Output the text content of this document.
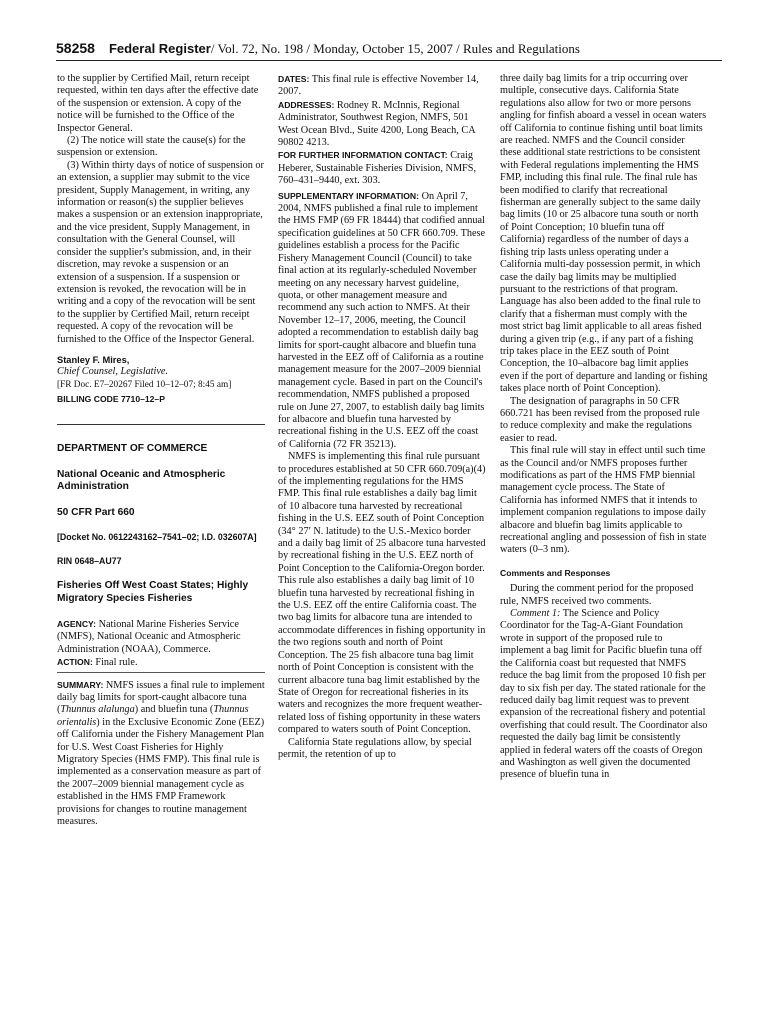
58258 Federal Register / Vol. 72, No. 198 / Monday, October 15, 2007 / Rules and Regulations

to the supplier by Certified Mail, return receipt requested, within ten days after the effective date of the suspension or extension. A copy of the notice will be furnished to the Office of the Inspector General.

(2) The notice will state the cause(s) for the suspension or extension.

(3) Within thirty days of notice of suspension or an extension, a supplier may submit to the vice president, Supply Management, in writing, any information or reason(s) the supplier believes makes a suspension or an extension inappropriate, and the vice president, Supply Management, in consultation with the General Counsel, will consider the supplier's submission, and, in their discretion, may revoke a suspension or an extension of a suspension. If a suspension or extension is revoked, the revocation will be in writing and a copy of the revocation will be sent to the supplier by Certified Mail, return receipt requested. A copy of the revocation will be furnished to the Office of the Inspector General.

Stanley F. Mires,

Chief Counsel, Legislative.

[FR Doc. E7–20267 Filed 10–12–07; 8:45 am]

BILLING CODE 7710–12–P

DEPARTMENT OF COMMERCE

National Oceanic and Atmospheric Administration

50 CFR Part 660

[Docket No. 0612243162–7541–02; I.D. 032607A]

RIN 0648–AU77

Fisheries Off West Coast States; Highly Migratory Species Fisheries

AGENCY: National Marine Fisheries Service (NMFS), National Oceanic and Atmospheric Administration (NOAA), Commerce.

ACTION: Final rule.

SUMMARY: NMFS issues a final rule to implement daily bag limits for sport-caught albacore tuna (Thunnus alalunga) and bluefin tuna (Thunnus orientalis) in the Exclusive Economic Zone (EEZ) off California under the Fishery Management Plan for U.S. West Coast Fisheries for Highly Migratory Species (HMS FMP). This final rule is implemented as a conservation measure as part of the 2007–2009 biennial management cycle as established in the HMS FMP Framework provisions for changes to routine management measures.

DATES: This final rule is effective November 14, 2007.

ADDRESSES: Rodney R. McInnis, Regional Administrator, Southwest Region, NMFS, 501 West Ocean Blvd., Suite 4200, Long Beach, CA 90802 4213.

FOR FURTHER INFORMATION CONTACT: Craig Heberer, Sustainable Fisheries Division, NMFS, 760–431–9440, ext. 303.

SUPPLEMENTARY INFORMATION: On April 7, 2004, NMFS published a final rule to implement the HMS FMP (69 FR 18444) that codified annual specification guidelines at 50 CFR 660.709. These guidelines establish a process for the Pacific Fishery Management Council (Council) to take final action at its regularly-scheduled November meeting on any necessary harvest guideline, quota, or other management measure and recommend any such action to NMFS. At their November 12–17, 2006, meeting, the Council adopted a recommendation to establish daily bag limits for sport-caught albacore and bluefin tuna harvested in the EEZ off of California as a routine management measure for the 2007–2009 biennial management cycle. Based in part on the Council's recommendation, NMFS published a proposed rule on June 27, 2007, to establish daily bag limits for albacore and bluefin tuna harvested by recreational fishing in the U.S. EEZ off the coast of California (72 FR 35213).

NMFS is implementing this final rule pursuant to procedures established at 50 CFR 660.709(a)(4) of the implementing regulations for the HMS FMP. This final rule establishes a daily bag limit of 10 albacore tuna harvested by recreational fishing in the U.S. EEZ south of Point Conception (34° 27′ N. latitude) to the U.S.-Mexico border and a daily bag limit of 25 albacore tuna harvested by recreational fishing in the U.S. EEZ north of Point Conception to the California-Oregon border. This rule also establishes a daily bag limit of 10 bluefin tuna harvested by recreational fishing in the U.S. EEZ off the entire California coast. The two bag limits for albacore tuna are intended to accommodate differences in fishing opportunity in the two regions south and north of Point Conception. The 25 fish albacore tuna bag limit north of Point Conception is consistent with the current albacore tuna bag limit established by the State of Oregon for recreational fisheries in its waters and recognizes the more frequent weather-related loss of fishing opportunity in these waters compared to waters south of Point Conception.

California State regulations allow, by special permit, the retention of up to

three daily bag limits for a trip occurring over multiple, consecutive days. California State regulations also allow for two or more persons angling for finfish aboard a vessel in ocean waters off California to continue fishing until boat limits are reached. NMFS and the Council consider these additional state restrictions to be consistent with Federal regulations implementing the HMS FMP, including this final rule. The final rule has been modified to clarify that recreational fisherman are generally subject to the same daily bag limits (10 or 25 albacore tuna south or north of Point Conception; 10 bluefin tuna off California) regardless of the number of days a fishing trip lasts unless operating under a California multi-day possession permit, in which case the daily bag limits may be multiplied pursuant to the restrictions of that program. Language has also been added to the final rule to clarify that a fisherman must comply with the most strict bag limit applicable to all areas fished during a given trip (e.g., if any part of a fishing trip takes place in the EEZ south of Point Conception, the 10–albacore bag limit applies even if the port of departure and landing or fishing takes place north of Point Conception).

The designation of paragraphs in 50 CFR 660.721 has been revised from the proposed rule to reduce complexity and make the regulations easier to read.

This final rule will stay in effect until such time as the Council and/or NMFS proposes further modifications as part of the HMS FMP biennial management cycle process. The State of California has informed NMFS that it intends to implement companion regulations to impose daily albacore and bluefin bag limits applicable to recreational angling and possession of fish in state waters (0–3 nm).

Comments and Responses

During the comment period for the proposed rule, NMFS received two comments.

Comment 1: The Science and Policy Coordinator for the Tag-A-Giant Foundation wrote in support of the proposed rule to implement a bag limit for Pacific bluefin tuna off the California coast but requested that NMFS reduce the bag limit from the proposed 10 fish per day to six fish per day. The stated rationale for the reduced daily bag limit request was to prevent expansion of the recreational fishery and potential overfishing that could result. The Coordinator also requested the daily bag limit be consistently applied in federal waters off the coasts of Oregon and Washington as well given the documented presence of bluefin tuna in
